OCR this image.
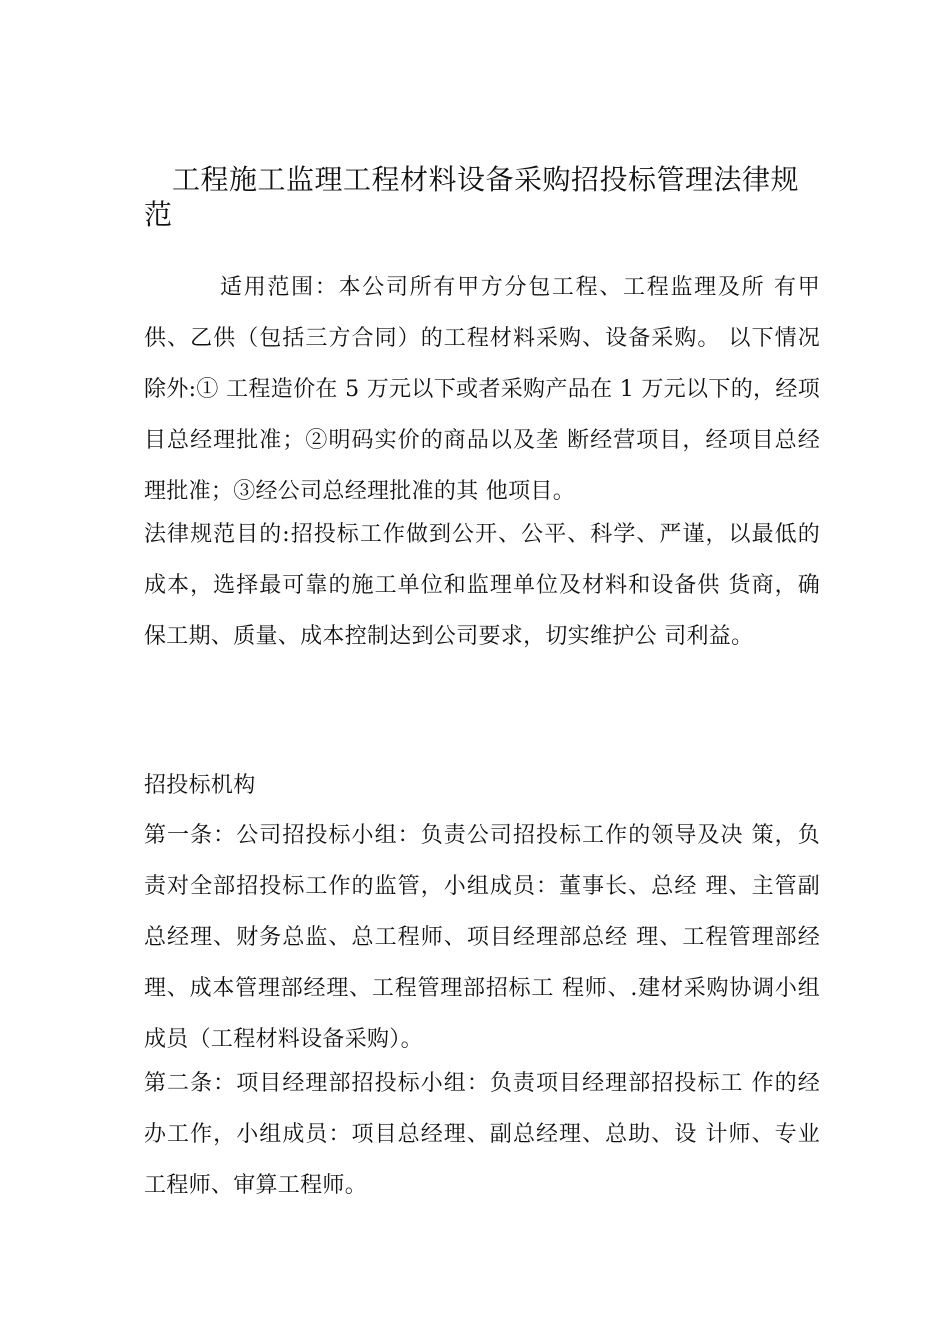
工程施工监理工程材料设备采购招投标管理法律规范

适用范围：本公司所有甲方分包工程、工程监理及所 有甲供、乙供（包括三方合同）的工程材料采购、设备采购。 以下情况除外:① 工程造价在 5 万元以下或者采购产品在 1 万元以下的，经项目总经理批准；②明码实价的商品以及垄 断经营项目，经项目总经理批准；③经公司总经理批准的其 他项目。

法律规范目的:招投标工作做到公开、公平、科学、严谨，以最低的成本，选择最可靠的施工单位和监理单位及材料和设备供 货商，确保工期、质量、成本控制达到公司要求，切实维护公 司利益。

招投标机构

第一条：公司招投标小组：负责公司招投标工作的领导及决 策，负责对全部招投标工作的监管，小组成员：董事长、总经 理、主管副总经理、财务总监、总工程师、项目经理部总经 理、工程管理部经理、成本管理部经理、工程管理部招标工 程师、.建材采购协调小组成员（工程材料设备采购）。

第二条：项目经理部招投标小组：负责项目经理部招投标工 作的经办工作，小组成员：项目总经理、副总经理、总助、设 计师、专业工程师、审算工程师。
